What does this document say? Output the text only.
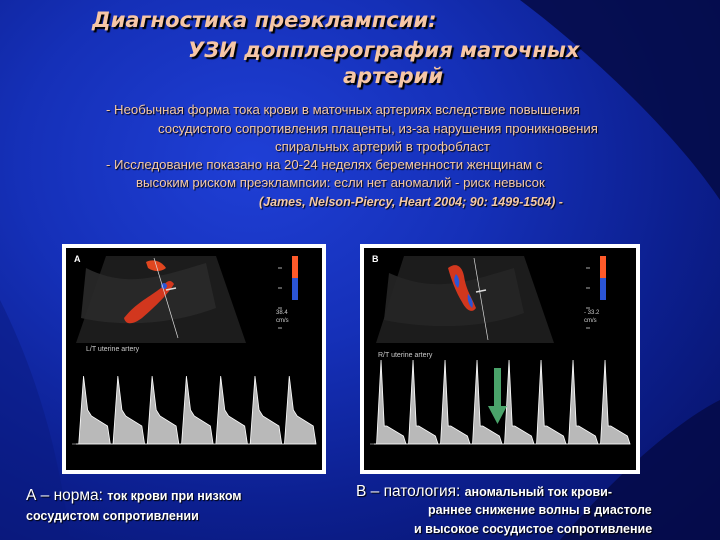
Диагностика преэклампсии:
УЗИ допплерография маточных
артерий
- Необычная форма тока крови в маточных артериях вследствие повышения
сосудистого сопротивления плаценты, из-за нарушения проникновения
спиральных артерий в трофобласт
- Исследование показано на 20-24 неделях беременности женщинам с
высоким риском преэклампсии: если нет аномалий - риск невысок
(James, Nelson-Piercy, Heart 2004; 90: 1499-1504) -
A
L/T uterine artery
38.4
cm/s
B
R/T uterine artery
- 33.2
cm/s
А – норма: ток крови при низком
сосудистом сопротивлении
В – патология: аномальный ток крови-
раннее снижение волны в диастоле
и высокое сосудистое сопротивление
